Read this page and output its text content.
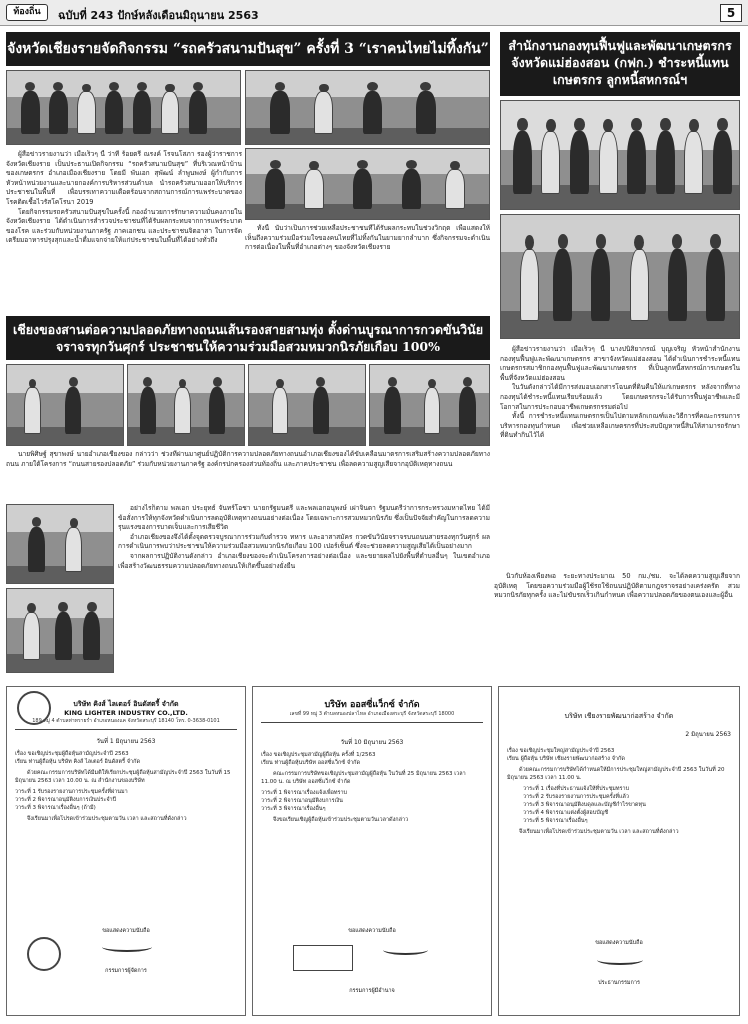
ท้องถิ่น	ฉบับที่ 243 ปักษ์หลังเดือนมิถุนายน 2563	5
จังหวัดเชียงรายจัดกิจกรรม “รถครัวสนามปันสุข” ครั้งที่ 3 “เราคนไทยไม่ทิ้งกัน”

ผู้สื่อข่าวรายงานว่า เมื่อเร็วๆ นี้ ว่าที่ ร้อยตรี ณรงค์ โรจนโสภา รองผู้ว่าราชการจังหวัดเชียงราย เป็นประธานเปิดกิจกรรม “รถครัวสนามปันสุข” ที่บริเวณหน้าบ้านของเกษตรกร อำเภอเมืองเชียงราย โดยมี พันเอก สุพัฒน์ ลำพูนพงษ์ ผู้กำกับการ หัวหน้าหน่วยงานและนายกองค์การบริหารส่วนตำบล นำรถครัวสนามออกให้บริการประชาชนในพื้นที่ เพื่อบรรเทาความเดือดร้อนจากสถานการณ์การแพร่ระบาดของโรคติดเชื้อไวรัสโคโรนา 2019

โดยกิจกรรมรถครัวสนามปันสุขในครั้งนี้ กองอำนวยการรักษาความมั่นคงภายในจังหวัดเชียงราย ได้ดำเนินการสำรวจประชาชนที่ได้รับผลกระทบจากการแพร่ระบาดของโรค และร่วมกับหน่วยงานภาครัฐ ภาคเอกชน และประชาชนจิตอาสา ในการจัดเตรียมอาหารปรุงสุกและน้ำดื่มแจกจ่ายให้แก่ประชาชนในพื้นที่ได้อย่างทั่วถึง

ทั้งนี้ นับว่าเป็นการช่วยเหลือประชาชนที่ได้รับผลกระทบในช่วงวิกฤต เพื่อแสดงให้เห็นถึงความร่วมมือร่วมใจของคนไทยที่ไม่ทิ้งกันในยามยากลำบาก ซึ่งกิจกรรมจะดำเนินการต่อเนื่องในพื้นที่อำเภอต่างๆ ของจังหวัดเชียงราย

เชียงของสานต่อความปลอดภัยทางถนนเส้นรองสายสามทุ่ง ตั้งด่านบูรณาการกวดขันวินัยจราจรทุกวันศุกร์ ประชาชนให้ความร่วมมือสวมหมวกนิรภัยเกือบ 100%

นายพิศิษฐ์ สุขาพงษ์ นายอำเภอเชียงของ กล่าวว่า ช่วงที่ผ่านมาศูนย์ปฏิบัติการความปลอดภัยทางถนนอำเภอเชียงของได้ขับเคลื่อนมาตรการเสริมสร้างความปลอดภัยทางถนน ภายใต้โครงการ “ถนนสายรองปลอดภัย” ร่วมกับหน่วยงานภาครัฐ องค์กรปกครองส่วนท้องถิ่น และภาคประชาชน เพื่อลดความสูญเสียจากอุบัติเหตุทางถนน

อย่างไรก็ตาม พลเอก ประยุทธ์ จันทร์โอชา นายกรัฐมนตรี และพลเอกอนุพงษ์ เผ่าจินดา รัฐมนตรีว่าการกระทรวงมหาดไทย ได้มีข้อสั่งการให้ทุกจังหวัดดำเนินการลดอุบัติเหตุทางถนนอย่างต่อเนื่อง โดยเฉพาะการสวมหมวกนิรภัย ซึ่งเป็นปัจจัยสำคัญในการลดความรุนแรงของการบาดเจ็บและการเสียชีวิต

อำเภอเชียงของจึงได้ตั้งจุดตรวจบูรณาการร่วมกับตำรวจ ทหาร และอาสาสมัคร กวดขันวินัยจราจรบนถนนสายรองทุกวันศุกร์ ผลการดำเนินการพบว่าประชาชนให้ความร่วมมือสวมหมวกนิรภัยเกือบ 100 เปอร์เซ็นต์ ซึ่งจะช่วยลดความสูญเสียได้เป็นอย่างมาก

จากผลการปฏิบัติงานดังกล่าว อำเภอเชียงของจะดำเนินโครงการอย่างต่อเนื่อง และขยายผลไปยังพื้นที่ตำบลอื่นๆ ในเขตอำเภอ เพื่อสร้างวัฒนธรรมความปลอดภัยทางถนนให้เกิดขึ้นอย่างยั่งยืน

สำนักงานกองทุนฟื้นฟูและพัฒนาเกษตรกรจังหวัดแม่ฮ่องสอน (กฟก.) ชำระหนี้แทนเกษตรกร ลูกหนี้สหกรณ์ฯ

ผู้สื่อข่าวรายงานว่า เมื่อเร็วๆ นี้ นางปนิสิยากรณ์ บุญเจริญ หัวหน้าสำนักงานกองทุนฟื้นฟูและพัฒนาเกษตรกร สาขาจังหวัดแม่ฮ่องสอน ได้ดำเนินการชำระหนี้แทนเกษตรกรสมาชิกกองทุนฟื้นฟูและพัฒนาเกษตรกร ที่เป็นลูกหนี้สหกรณ์การเกษตรในพื้นที่จังหวัดแม่ฮ่องสอน

ในวันดังกล่าวได้มีการส่งมอบเอกสารโฉนดที่ดินคืนให้แก่เกษตรกร หลังจากที่ทางกองทุนได้ชำระหนี้แทนเรียบร้อยแล้ว โดยเกษตรกรจะได้รับการฟื้นฟูอาชีพและมีโอกาสในการประกอบอาชีพเกษตรกรรมต่อไป

ทั้งนี้ การชำระหนี้แทนเกษตรกรเป็นไปตามหลักเกณฑ์และวิธีการที่คณะกรรมการบริหารกองทุนกำหนด เพื่อช่วยเหลือเกษตรกรที่ประสบปัญหาหนี้สินให้สามารถรักษาที่ดินทำกินไว้ได้

นิวกับห้องเพียงพอ ระยะทางประมาณ 50 กม./ชม. จะได้ลดความสูญเสียจากอุบัติเหตุ โดยขอความร่วมมือผู้ใช้รถใช้ถนนปฏิบัติตามกฎจราจรอย่างเคร่งครัด สวมหมวกนิรภัยทุกครั้ง และไม่ขับรถเร็วเกินกำหนด เพื่อความปลอดภัยของตนเองและผู้อื่น

บริษัท คิงส์ ไลเตอร์ อินดัสตรี้ จำกัด
KING LIGHTER INDUSTRY CO.,LTD.
189 หมู่ 4 ตำบลท่าทรายร่ำ อำเภอหนองแค จังหวัดสระบุรี 18140 โทร. 0-3638-0101
วันที่ 1 มิถุนายน 2563
เรื่อง ขอเชิญประชุมผู้ถือหุ้นสามัญประจำปี 2563
เรียน ท่านผู้ถือหุ้น บริษัท คิงส์ ไลเตอร์ อินดัสตรี้ จำกัด
ด้วยคณะกรรมการบริษัทได้มีมติให้เรียกประชุมผู้ถือหุ้นสามัญประจำปี 2563 ในวันที่ 15 มิถุนายน 2563 เวลา 10.00 น. ณ สำนักงานของบริษัท
วาระที่ 1 รับรองรายงานการประชุมครั้งที่ผ่านมา
วาระที่ 2 พิจารณาอนุมัติงบการเงินประจำปี
วาระที่ 3 พิจารณาเรื่องอื่นๆ (ถ้ามี)
จึงเรียนมาเพื่อโปรดเข้าร่วมประชุมตามวัน เวลา และสถานที่ดังกล่าว
ขอแสดงความนับถือ
กรรมการผู้จัดการ
บริษัท ออสซี่แว็กซ์ จำกัด
เลขที่ 99 หมู่ 3 ตำบลหนองปลาไหล อำเภอเมืองสระบุรี จังหวัดสระบุรี 18000
วันที่ 10 มิถุนายน 2563
เรื่อง ขอเชิญประชุมสามัญผู้ถือหุ้น ครั้งที่ 1/2563
เรียน ท่านผู้ถือหุ้นบริษัท ออสซี่แว็กซ์ จำกัด
คณะกรรมการบริษัทขอเชิญประชุมสามัญผู้ถือหุ้น ในวันที่ 25 มิถุนายน 2563 เวลา 11.00 น. ณ บริษัท ออสซี่แว็กซ์ จำกัด
วาระที่ 1 พิจารณาเรื่องแจ้งเพื่อทราบ
วาระที่ 2 พิจารณาอนุมัติงบการเงิน
วาระที่ 3 พิจารณาเรื่องอื่นๆ
จึงขอเรียนเชิญผู้ถือหุ้นเข้าร่วมประชุมตามวันเวลาดังกล่าว
ขอแสดงความนับถือ
กรรมการผู้มีอำนาจ
บริษัท เชียงรายพัฒนาก่อสร้าง จำกัด
2 มิถุนายน 2563
เรื่อง ขอเชิญประชุมใหญ่สามัญประจำปี 2563
เรียน ผู้ถือหุ้น บริษัท เชียงรายพัฒนาก่อสร้าง จำกัด
ด้วยคณะกรรมการบริษัทได้กำหนดให้มีการประชุมใหญ่สามัญประจำปี 2563 ในวันที่ 20 มิถุนายน 2563 เวลา 11.00 น.
วาระที่ 1 เรื่องที่ประธานแจ้งให้ที่ประชุมทราบ
วาระที่ 2 รับรองรายงานการประชุมครั้งที่แล้ว
วาระที่ 3 พิจารณาอนุมัติงบดุลและบัญชีกำไรขาดทุน
วาระที่ 4 พิจารณาแต่งตั้งผู้สอบบัญชี
วาระที่ 5 พิจารณาเรื่องอื่นๆ
จึงเรียนมาเพื่อโปรดเข้าร่วมประชุมตามวัน เวลา และสถานที่ดังกล่าว
ขอแสดงความนับถือ
ประธานกรรมการ
